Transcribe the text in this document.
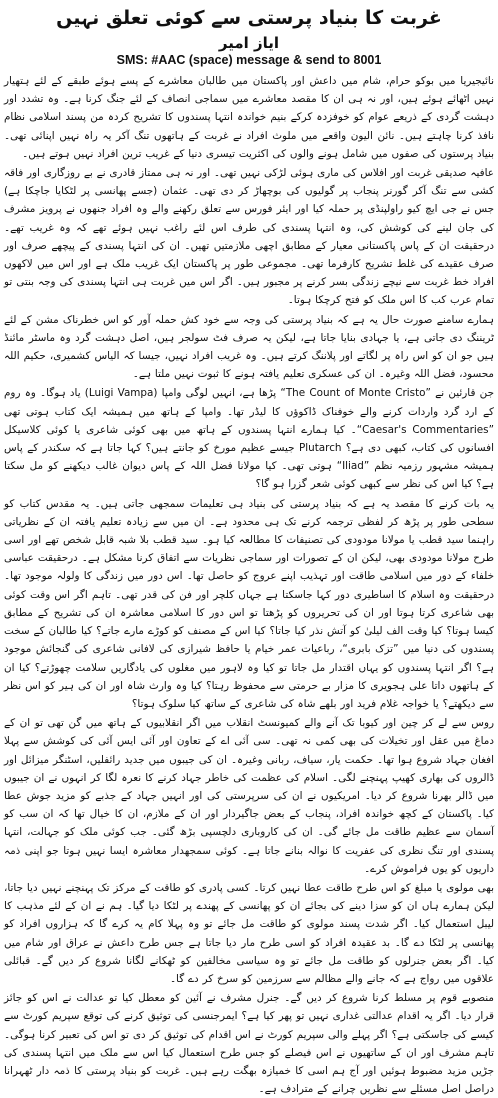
غربت کا بنیاد پرستی سے کوئی تعلق نہیں
ایاز امیر
SMS: #AAC (space) message & send to 8001

نائیجیریا میں بوکو حرام، شام میں داعش اور پاکستان میں طالبان معاشرے کے پسے ہوئے طبقے کے لئے ہتھیار نہیں اٹھائے ہوئے ہیں، اور نہ ہی ان کا مقصد معاشرے میں سماجی انصاف کے لئے جنگ کرنا ہے۔ وہ تشدد اور دہشت گردی کے ذریعے عوام کو خوفزدہ کرکے بنیم خواندہ انتہا پسندوں کا تشریح کردہ من پسند اسلامی نظام نافذ کرنا چاہتے ہیں۔ نائن الیون واقعے میں ملوث افراد نے غربت کے ہاتھوں تنگ آکر یہ راہ نہیں اپنائی تھی۔ بنیاد پرستوں کی صفوں میں شامل ہونے والوں کی اکثریت تیسری دنیا کے غریب ترین افراد نہیں ہوتے ہیں۔

عافیہ صدیقی غربت اور افلاس کی ماری ہوئی لڑکی نہیں تھی۔ اور نہ ہی ممتاز قادری نے بے روزگاری اور فاقہ کشی سے تنگ آکر گورنر پنجاب پر گولیوں کی بوچھاڑ کر دی تھی۔ عثمان (جسے پھانسی پر لٹکایا جاچکا ہے) جس نے جی ایچ کیو راولپنڈی پر حملہ کیا اور ایئر فورس سے تعلق رکھنے والے وہ افراد جنھوں نے پرویز مشرف کی جان لینے کی کوشش کی، وہ انتہا پسندی کی طرف اس لئے راغب نہیں ہوئے تھے کہ وہ غریب تھے۔ درحقیقت ان کے پاس پاکستانی معیار کے مطابق اچھی ملازمتیں تھیں۔ ان کی انتہا پسندی کے پیچھے صرف اور صرف عقیدے کی غلط تشریح کارفرما تھی۔ مجموعی طور پر پاکستان ایک غریب ملک ہے اور اس میں لاکھوں افراد خط غربت سے نیچے زندگی بسر کرنے پر مجبور ہیں۔ اگر اس میں غربت ہی انتہا پسندی کی وجہ بنتی تو تمام عرب کب کا اس ملک کو فتح کرچکا ہوتا۔

ہمارے سامنے صورت حال یہ ہے کہ بنیاد پرستی کی وجہ سے خود کش حملہ آور کو اس خطرناک مشن کے لئے ٹریننگ دی جاتی ہے، یا جہادی بنایا جاتا ہے، لیکن یہ صرف فٹ سولجر ہیں، اصل دہشت گرد وہ ماسٹر مائنڈ ہیں جو ان کو اس راہ پر لگاتے اور پلاننگ کرتے ہیں۔ وہ غریب افراد نہیں، جیسا کہ الیاس کشمیری، حکیم اللہ محسود، فضل اللہ وغیرہ۔ ان کی عسکری تعلیم یافتہ ہونے کا ثبوت نہیں ملتا ہے۔

جن قارئین نے ”The Count of Monte Cristo“ پڑھا ہے، انہیں لوگی وامپا (Luigi Vampa) یاد ہوگا۔ وہ روم کے ارد گرد واردات کرنے والے خوفناک ڈاکوؤں کا لیڈر تھا۔ وامپا کے ہاتھ میں ہمیشہ ایک کتاب ہوتی تھی ”Caesar's Commentaries“۔ کیا ہمارے انتہا پسندوں کے ہاتھ میں بھی کوئی شاعری یا کوئی کلاسیکل افسانوں کی کتاب، کبھی دی ہے؟ Plutarch جیسے عظیم مورخ کو جانتے ہیں؟ کہا جاتا ہے کہ سکندر کے پاس ہمیشہ مشہور رزمیہ نظم ”Iliad“ ہوتی تھی۔ کیا مولانا فضل اللہ کے پاس دیوان غالب دیکھنے کو مل سکتا ہے؟ کیا اس کی نظر سے کبھی کوئی شعر گزرا ہو گا؟

یہ بات کرنے کا مقصد یہ ہے کہ بنیاد پرستی کی بنیاد ہی تعلیمات سمجھی جاتی ہیں۔ یہ مقدس کتاب کو سطحی طور پر پڑھ کر لفظی ترجمہ کرنے تک ہی محدود ہے۔ ان میں سے زیادہ تعلیم یافتہ ان کے نظریاتی راہنما سید قطب یا مولانا مودودی کی تصنیفات کا مطالعہ کیا ہو۔ سید قطب بلا شبہ قابل شخص تھے اور اسی طرح مولانا مودودی بھی، لیکن ان کے تصورات اور سماجی نظریات سے اتفاق کرنا مشکل ہے۔ درحقیقت عباسی خلفاء کے دور میں اسلامی طاقت اور تہذیب اپنے عروج کو حاصل تھا۔ اس دور میں زندگی کا ولولہ موجود تھا۔ درحقیقت وہ اسلام کا اساطیری دور کہا جاسکتا ہے جہاں کلچر اور فن کی قدر تھی۔ تاہم اگر اس وقت کوئی بھی شاعری کرتا ہوتا اور ان کی تحریروں کو پڑھتا تو اس دور کا اسلامی معاشرہ ان کی تشریح کے مطابق کیسا ہوتا؟ کیا وقت الف لیلیٰ کو آتش نذر کیا جاتا؟ کیا اس کے مصنف کو کوڑے مارے جاتے؟ کیا طالبان کے سخت پسندوں کی دنیا میں ”تزک بابری“، رباعیات عمر خیام یا حافظ شیرازی کی لافانی شاعری کی گنجائش موجود ہے؟ اگر انتہا پسندوں کو یہاں اقتدار مل جاتا تو کیا وہ لاہور میں مغلوں کی یادگاریں سلامت چھوڑتے؟ کیا ان کے ہاتھوں داتا علی ہجویری کا مزار بے حرمتی سے محفوظ رہتا؟ کیا وہ وارث شاہ اور ان کی ہیر کو اس نظر سے دیکھتے؟ یا خواجہ غلام فرید اور بلھے شاہ کی شاعری کے ساتھ کیا سلوک ہوتا؟

روس سے لے کر چین اور کیوبا تک آنے والے کمیونسٹ انقلاب میں اگر انقلابیوں کے ہاتھ میں گن تھی تو ان کے دماغ میں عقل اور تخیلات کی بھی کمی نہ تھی۔ سی آئی اے کے تعاون اور آئی ایس آئی کی کوشش سے پہلا افغان جہاد شروع ہوا تھا۔ حکمت یار، سیاف، ربانی وغیرہ۔ ان کی جیبوں میں جدید رائفلیں، اسٹنگر میزائل اور ڈالروں کی بھاری کھیپ پہنچنے لگی۔ اسلام کی عظمت کی خاطر جہاد کرنے کا نعرہ لگا کر انہوں نے ان جیبوں میں ڈالر بھرنا شروع کر دیا۔ امریکیوں نے ان کی سرپرستی کی اور انہیں جہاد کے جذبے کو مزید جوش عطا کیا۔ پاکستان کے کچھ خواندہ افراد، پنجاب کے بعض جاگیردار اور ان کے ملازم، ان کا خیال تھا کہ ان سب کو آسمان سے عظیم طاقت مل جائے گی۔ ان کی کاروباری دلچسپی بڑھ گئی۔ جب کوئی ملک کو جہالت، انتہا پسندی اور تنگ نظری کی عفریت کا نوالہ بنانے جاتا ہے۔ کوئی سمجھدار معاشرہ ایسا نہیں ہوتا جو اپنی ذمہ داریوں کو یوں فراموش کرے۔

بھی مولوی یا مبلغ کو اس طرح طاقت عطا نہیں کرتا۔ کسی پادری کو طاقت کے مرکز تک پہنچنے نہیں دیا جاتا، لیکن ہمارے ہاں ان کو سزا دینے کی بجائے ان کو پھانسی کے پھندے پر لٹکا دیا گیا۔ ہم نے ان کے لئے مذہب کا لیبل استعمال کیا۔ اگر شدت پسند مولوی کو طاقت مل جائے تو وہ پہلا کام یہ کرے گا کہ ہزاروں افراد کو پھانسی پر لٹکا دے گا۔ بد عقیدہ افراد کو اسی طرح مار دیا جاتا ہے جس طرح داعش نے عراق اور شام میں کیا۔ اگر بعض جنرلوں کو طاقت مل جائے تو وہ سیاسی مخالفین کو ٹھکانے لگانا شروع کر دیں گے۔ قبائلی علاقوں میں رواج ہے کہ جانے والے مظالم سے سرزمین کو سرخ کر دے گا۔

منصوبے قوم پر مسلط کرنا شروع کر دیں گے۔ جنرل مشرف نے آئین کو معطل کیا تو عدالت نے اس کو جائز قرار دیا۔ اگر یہ اقدام عدالتی غداری نہیں تو پھر کیا ہے؟ ایمرجنسی کی توثیق کرنے کی توقع سپریم کورٹ سے کیسے کی جاسکتی ہے؟ اگر پہلے والی سپریم کورٹ نے اس اقدام کی توثیق کر دی تو اس کی تعبیر کرنا ہوگی۔ تاہم مشرف اور ان کے ساتھیوں نے اس فیصلے کو جس طرح استعمال کیا اس سے ملک میں انتہا پسندی کی جڑیں مزید مضبوط ہوئیں اور آج ہم اسی کا خمیازہ بھگت رہے ہیں۔ غربت کو بنیاد پرستی کا ذمہ دار ٹھہرانا دراصل اصل مسئلے سے نظریں چرانے کے مترادف ہے۔
